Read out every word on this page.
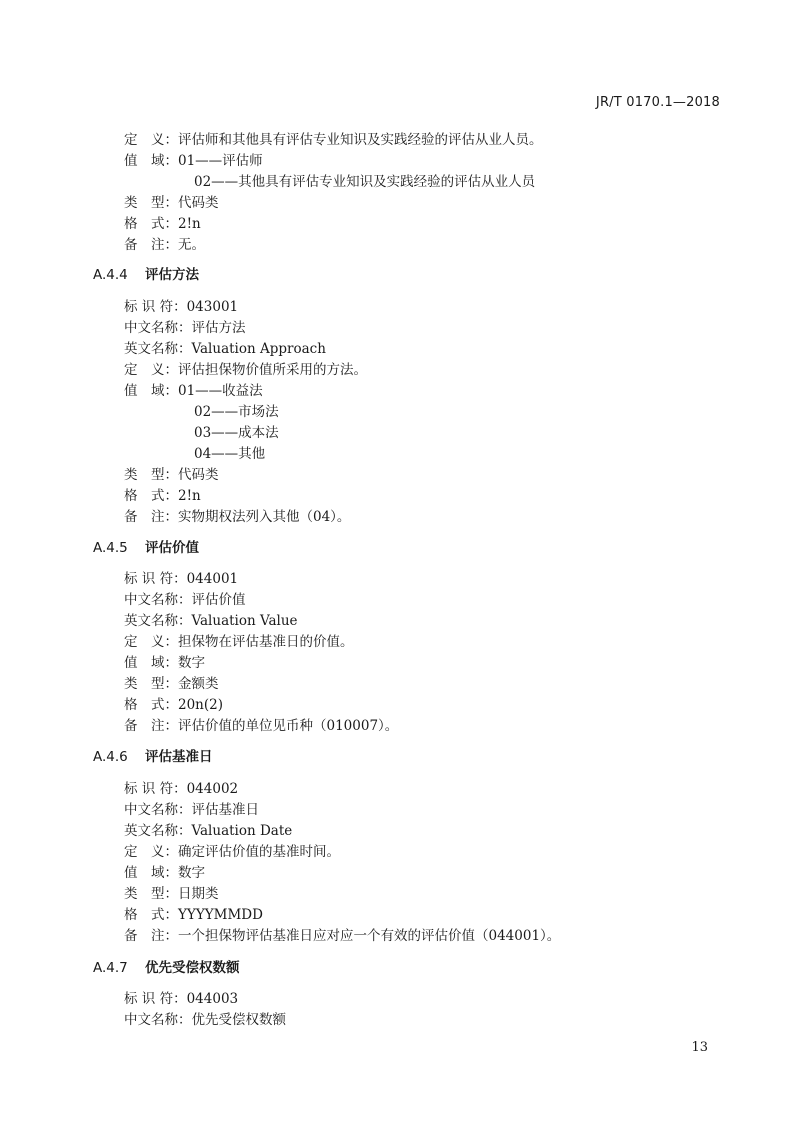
JR/T 0170.1—2018
定　义：评估师和其他具有评估专业知识及实践经验的评估从业人员。
值　域：01——评估师
02——其他具有评估专业知识及实践经验的评估从业人员
类　型：代码类
格　式：2!n
备　注：无。
A.4.4 评估方法
标 识 符：043001
中文名称：评估方法
英文名称：Valuation Approach
定　义：评估担保物价值所采用的方法。
值　域：01——收益法
02——市场法
03——成本法
04——其他
类　型：代码类
格　式：2!n
备　注：实物期权法列入其他（04）。
A.4.5 评估价值
标 识 符：044001
中文名称：评估价值
英文名称：Valuation Value
定　义：担保物在评估基准日的价值。
值　域：数字
类　型：金额类
格　式：20n(2)
备　注：评估价值的单位见币种（010007）。
A.4.6 评估基准日
标 识 符：044002
中文名称：评估基准日
英文名称：Valuation Date
定　义：确定评估价值的基准时间。
值　域：数字
类　型：日期类
格　式：YYYYMMDD
备　注：一个担保物评估基准日应对应一个有效的评估价值（044001）。
A.4.7 优先受偿权数额
标 识 符：044003
中文名称：优先受偿权数额
13
